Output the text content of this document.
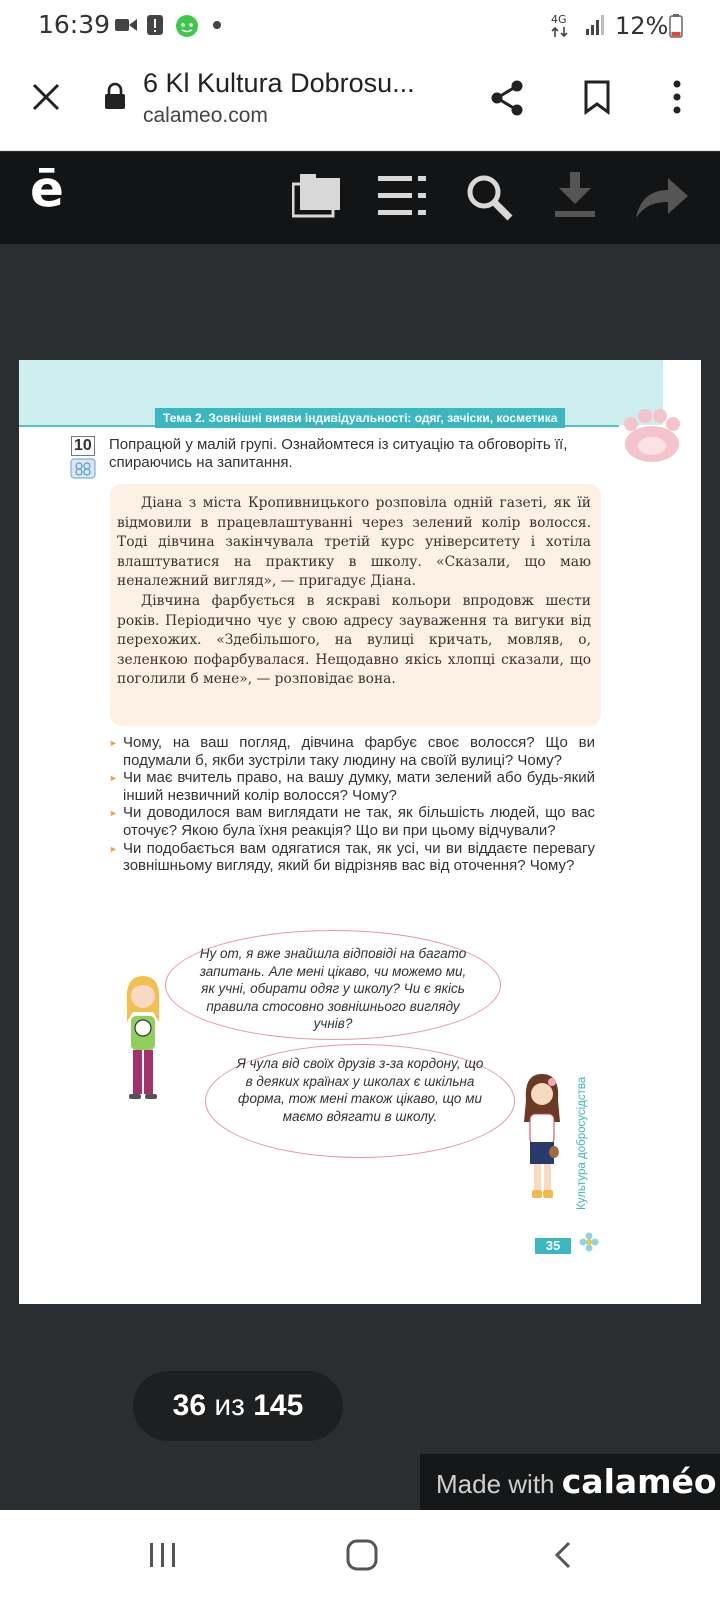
16:39	4G 12%
6 Kl Kultura Dobrosu...
calameo.com
ē
Тема 2. Зовнішні вияви індивідуальності: одяг, зачіски, косметика
10 Попрацюй у малій групі. Ознайомтеся із ситуацію та обговоріть її, спираючись на запитання.

Діана з міста Кропивницького розповіла одній газеті, як їй відмовили в працевлаштуванні через зелений колір волосся. Тоді дівчина закінчувала третій курс університету і хотіла влаштуватися на практику в школу. «Сказали, що маю неналежний вигляд», — пригадує Діана.

Дівчина фарбується в яскраві кольори впродовж шести років. Періодично чує у свою адресу зауваження та вигуки від перехожих. «Здебільшого, на вулиці кричать, мовляв, о, зеленкою пофарбувалася. Нещодавно якісь хлопці сказали, що поголили б мене», — розповідає вона.

► Чому, на ваш погляд, дівчина фарбує своє волосся? Що ви подумали б, якби зустріли таку людину на своїй вулиці? Чому?
► Чи має вчитель право, на вашу думку, мати зелений або будь-який інший незвичний колір волосся? Чому?
► Чи доводилося вам виглядати не так, як більшість людей, що вас оточує? Якою була їхня реакція? Що ви при цьому відчували?
► Чи подобається вам одягатися так, як усі, чи ви віддаєте перевагу зовнішньому вигляду, який би відрізняв вас від оточення? Чому?
Ну от, я вже знайшла відповіді на багато запитань. Але мені цікаво, чи можемо ми, як учні, обирати одяг у школу? Чи є якісь правила стосовно зовнішнього вигляду учнів?
Я чула від своїх друзів з-за кордону, що в деяких країнах у школах є шкільна форма, тож мені також цікаво, що ми маємо вдягати в школу.	Культура добросусідства
35
36 из 145
Made with calaméo
